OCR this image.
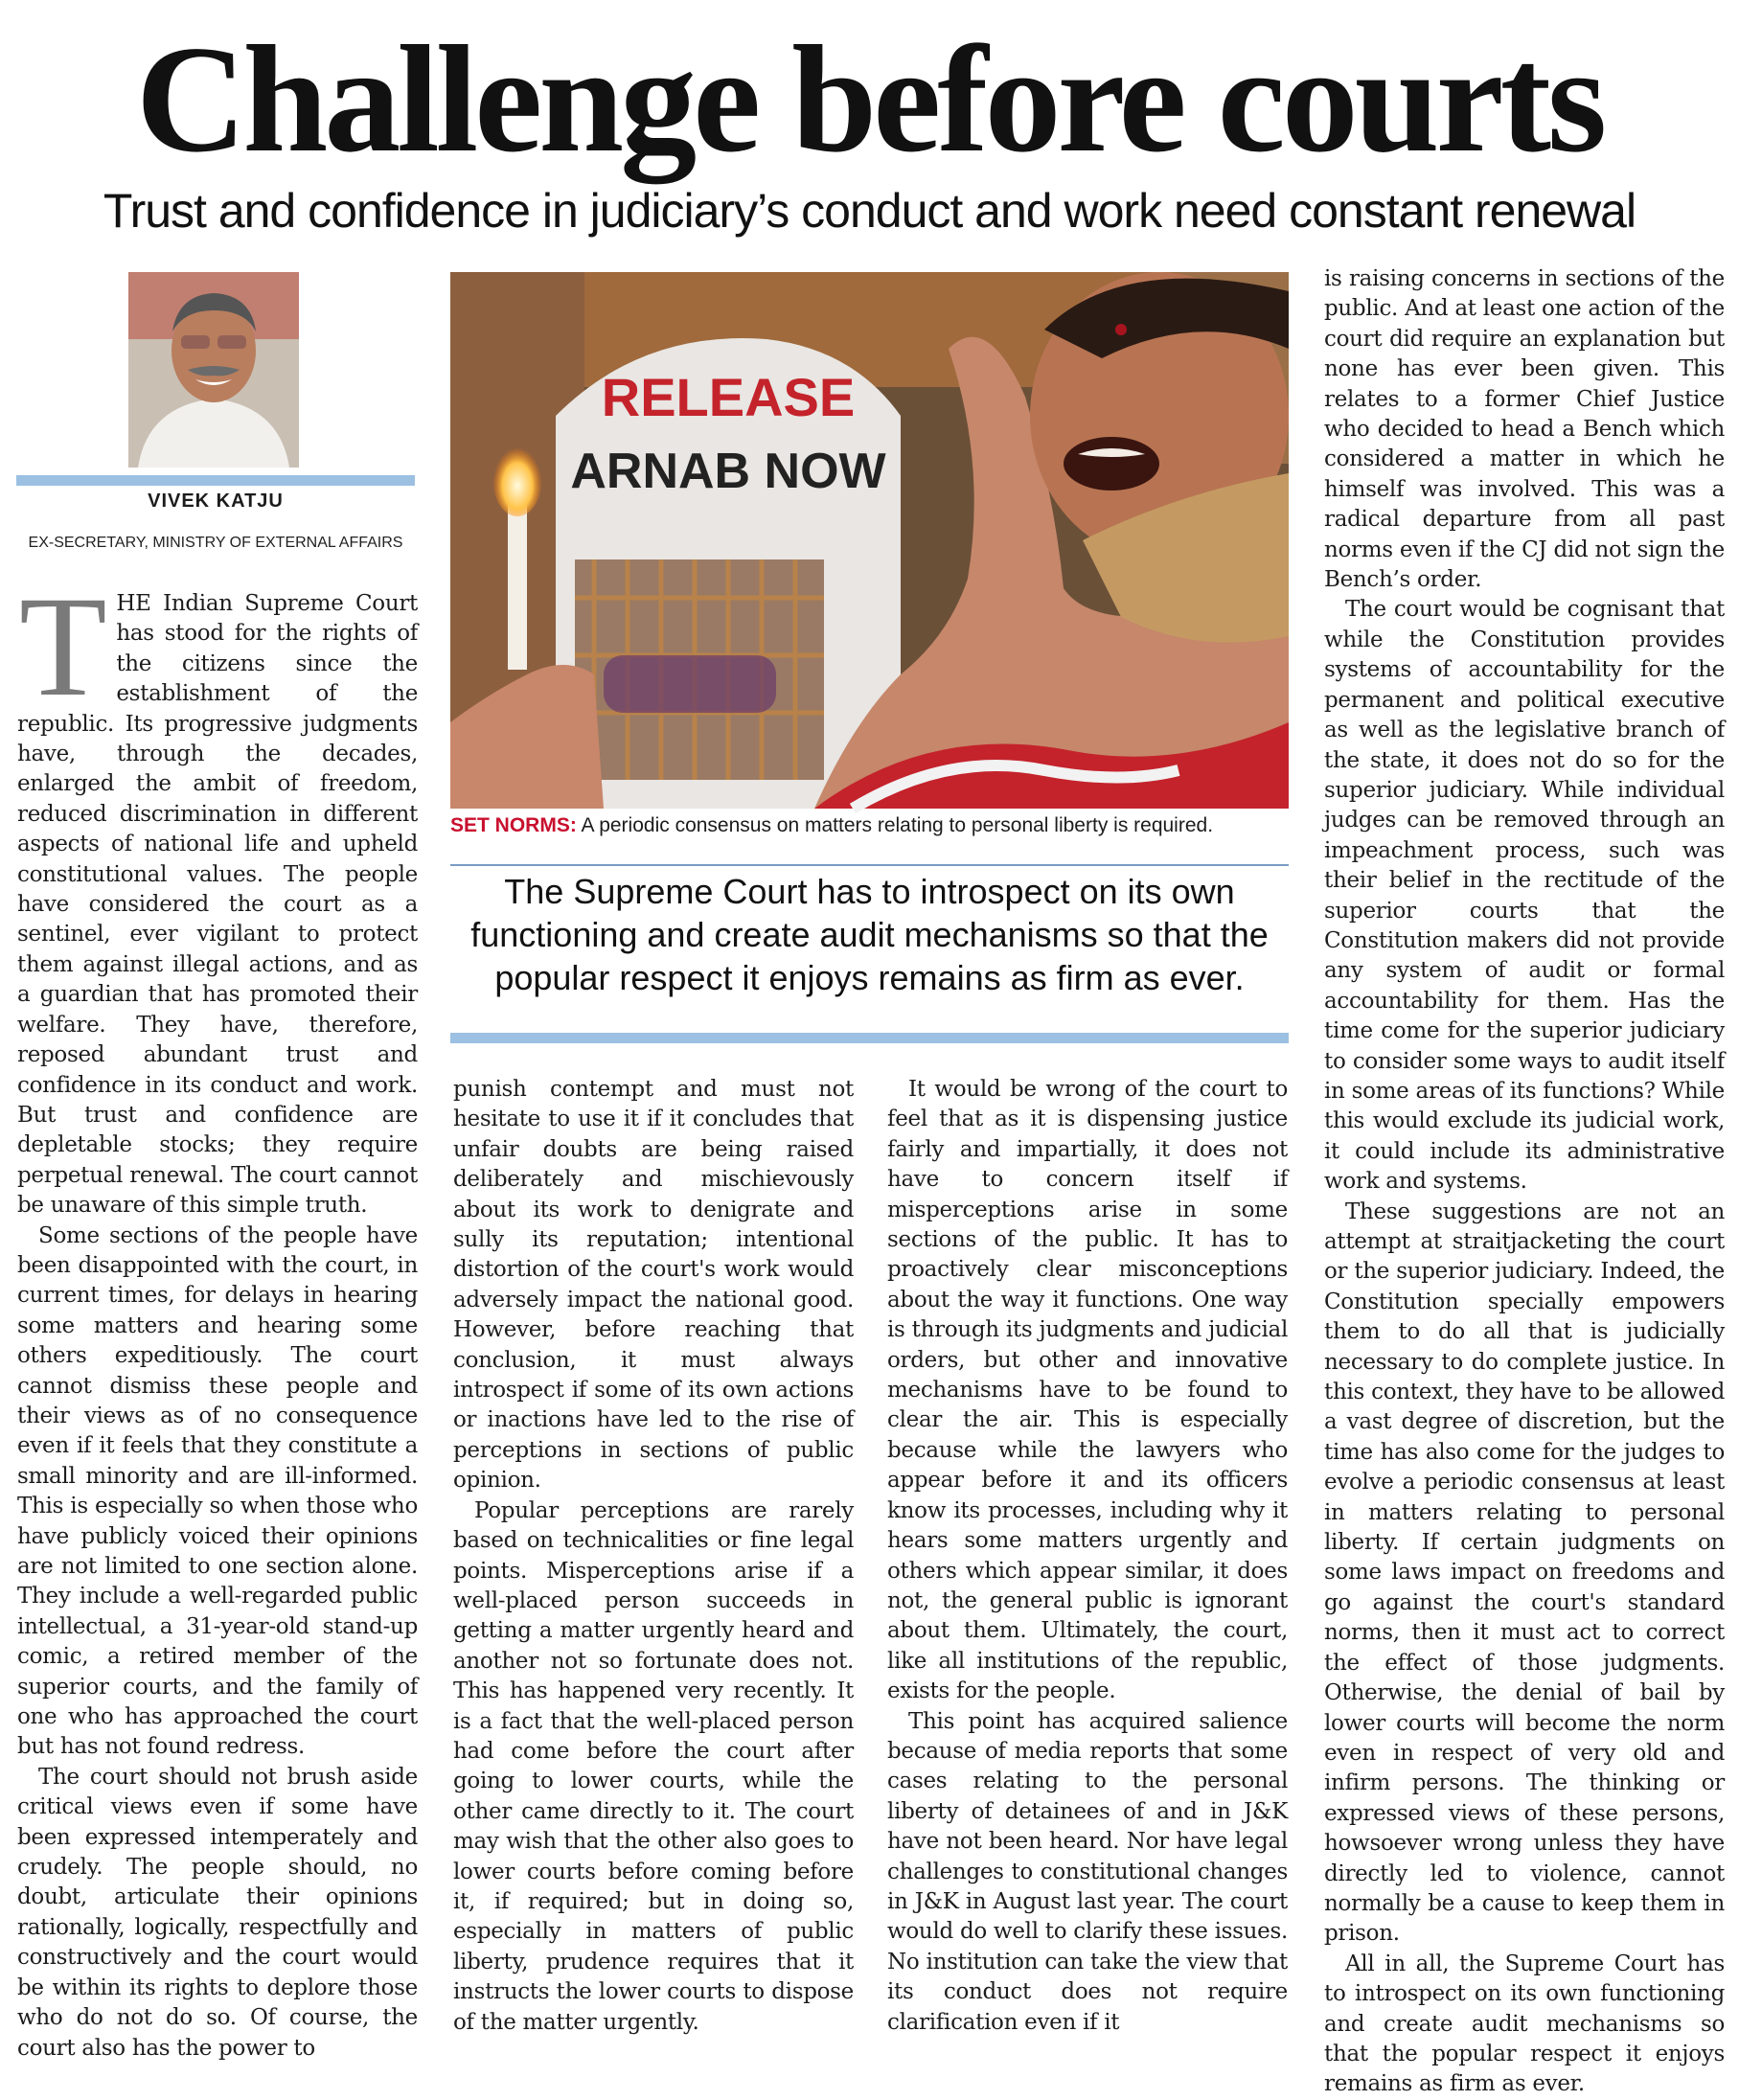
Challenge before courts
Trust and confidence in judiciary’s conduct and work need constant renewal
VIVEK KATJU
EX-SECRETARY, MINISTRY OF EXTERNAL AFFAIRS
RELEASE
ARNAB NOW
SET NORMS: A periodic consensus on matters relating to personal liberty is required.
The Supreme Court has to introspect on its own functioning and create audit mechanisms so that the popular respect it enjoys remains as firm as ever.

THE Indian Supreme Court has stood for the rights of the citizens since the establishment of the republic. Its progressive judgments have, through the decades, enlarged the ambit of freedom, reduced discrimination in different aspects of national life and upheld constitutional values. The people have considered the court as a sentinel, ever vigilant to protect them against illegal actions, and as a guardian that has promoted their welfare. They have, therefore, reposed abundant trust and confidence in its conduct and work. But trust and confidence are depletable stocks; they require perpetual renewal. The court cannot be unaware of this simple truth.

Some sections of the people have been disappointed with the court, in current times, for delays in hearing some matters and hearing some others expeditiously. The court cannot dismiss these people and their views as of no consequence even if it feels that they constitute a small minority and are ill-informed. This is especially so when those who have publicly voiced their opinions are not limited to one section alone. They include a well-regarded public intellectual, a 31-year-old stand-up comic, a retired member of the superior courts, and the family of one who has approached the court but has not found redress.

The court should not brush aside critical views even if some have been expressed intemperately and crudely. The people should, no doubt, articulate their opinions rationally, logically, respectfully and constructively and the court would be within its rights to deplore those who do not do so. Of course, the court also has the power to

punish contempt and must not hesitate to use it if it concludes that unfair doubts are being raised deliberately and mischievously about its work to denigrate and sully its reputation; intentional distortion of the court's work would adversely impact the national good. However, before reaching that conclusion, it must always introspect if some of its own actions or inactions have led to the rise of perceptions in sections of public opinion.

Popular perceptions are rarely based on technicalities or fine legal points. Misperceptions arise if a well-placed person succeeds in getting a matter urgently heard and another not so fortunate does not. This has happened very recently. It is a fact that the well-placed person had come before the court after going to lower courts, while the other came directly to it. The court may wish that the other also goes to lower courts before coming before it, if required; but in doing so, especially in matters of public liberty, prudence requires that it instructs the lower courts to dispose of the matter urgently.

It would be wrong of the court to feel that as it is dispensing justice fairly and impartially, it does not have to concern itself if misperceptions arise in some sections of the public. It has to proactively clear misconceptions about the way it functions. One way is through its judgments and judicial orders, but other and innovative mechanisms have to be found to clear the air. This is especially because while the lawyers who appear before it and its officers know its processes, including why it hears some matters urgently and others which appear similar, it does not, the general public is ignorant about them. Ultimately, the court, like all institutions of the republic, exists for the people.

This point has acquired salience because of media reports that some cases relating to the personal liberty of detainees of and in J&K have not been heard. Nor have legal challenges to constitutional changes in J&K in August last year. The court would do well to clarify these issues. No institution can take the view that its conduct does not require clarification even if it

is raising concerns in sections of the public. And at least one action of the court did require an explanation but none has ever been given. This relates to a former Chief Justice who decided to head a Bench which considered a matter in which he himself was involved. This was a radical departure from all past norms even if the CJ did not sign the Bench’s order.

The court would be cognisant that while the Constitution provides systems of accountability for the permanent and political executive as well as the legislative branch of the state, it does not do so for the superior judiciary. While individual judges can be removed through an impeachment process, such was their belief in the rectitude of the superior courts that the Constitution makers did not provide any system of audit or formal accountability for them. Has the time come for the superior judiciary to consider some ways to audit itself in some areas of its functions? While this would exclude its judicial work, it could include its administrative work and systems.

These suggestions are not an attempt at straitjacketing the court or the superior judiciary. Indeed, the Constitution specially empowers them to do all that is judicially necessary to do complete justice. In this context, they have to be allowed a vast degree of discretion, but the time has also come for the judges to evolve a periodic consensus at least in matters relating to personal liberty. If certain judgments on some laws impact on freedoms and go against the court's standard norms, then it must act to correct the effect of those judgments. Otherwise, the denial of bail by lower courts will become the norm even in respect of very old and infirm persons. The thinking or expressed views of these persons, howsoever wrong unless they have directly led to violence, cannot normally be a cause to keep them in prison.

All in all, the Supreme Court has to introspect on its own functioning and create audit mechanisms so that the popular respect it enjoys remains as firm as ever.
